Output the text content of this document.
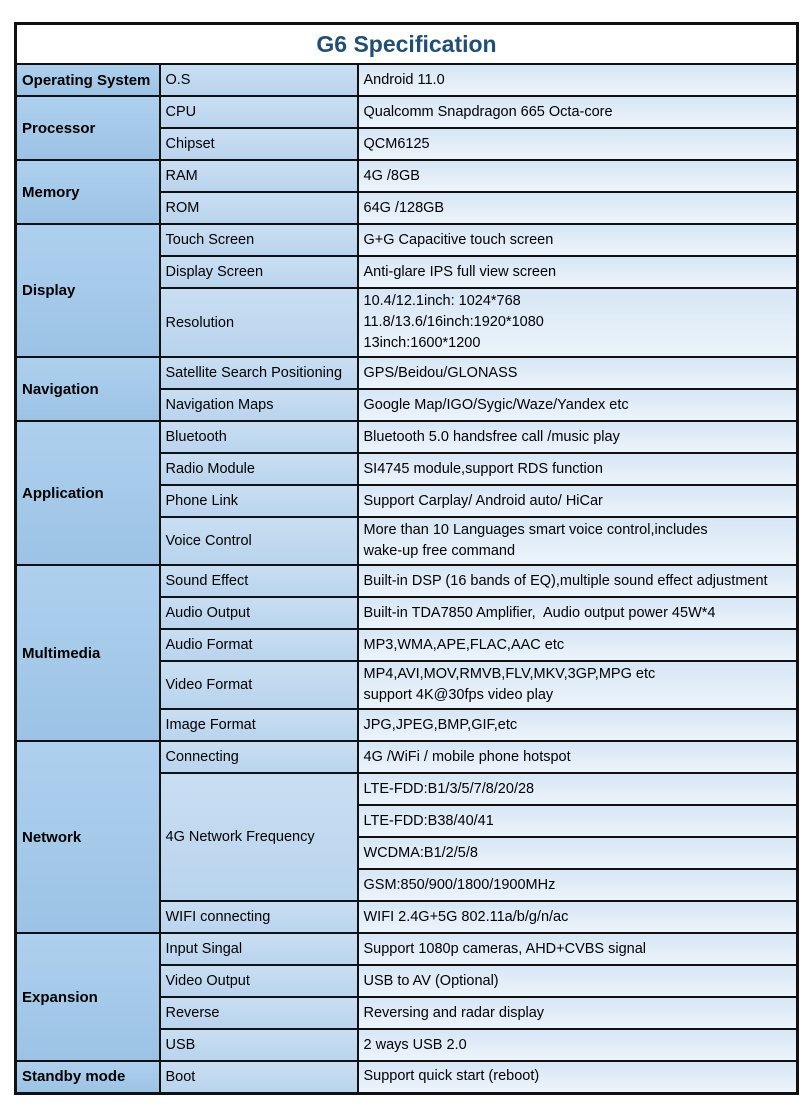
G6 Specification		
Operating System	O.S	Android 11.0

Processor	CPU	Qualcomm Snapdragon 665 Octa-core

	Chipset	QCM6125

Memory	RAM	4G /8GB

	ROM	64G /128GB

Display	Touch Screen	G+G Capacitive touch screen

	Display Screen	Anti-glare IPS full view screen

	Resolution	10.4/12.1inch: 1024*768
11.8/13.6/16inch:1920*1080
13inch:1600*1200

Navigation	Satellite Search Positioning	GPS/Beidou/GLONASS

	Navigation Maps	Google Map/IGO/Sygic/Waze/Yandex etc

Application	Bluetooth	Bluetooth 5.0 handsfree call /music play

	Radio Module	SI4745 module,support RDS function

	Phone Link	Support Carplay/ Android auto/ HiCar

	Voice Control	More than 10 Languages smart voice control,includes
wake-up free command

Multimedia	Sound Effect	Built-in DSP (16 bands of EQ),multiple sound effect adjustment

	Audio Output	Built-in TDA7850 Amplifier,  Audio output power 45W*4

	Audio Format	MP3,WMA,APE,FLAC,AAC etc

	Video Format	MP4,AVI,MOV,RMVB,FLV,MKV,3GP,MPG etc
support 4K@30fps video play

	Image Format	JPG,JPEG,BMP,GIF,etc

Network	Connecting	4G /WiFi / mobile phone hotspot

	4G Network Frequency	LTE-FDD:B1/3/5/7/8/20/28

		LTE-FDD:B38/40/41

		WCDMA:B1/2/5/8

		GSM:850/900/1800/1900MHz

	WIFI connecting	WIFI 2.4G+5G 802.11a/b/g/n/ac

Expansion	Input Singal	Support 1080p cameras, AHD+CVBS signal

	Video Output	USB to AV (Optional)

	Reverse	Reversing and radar display

	USB	2 ways USB 2.0

Standby mode	Boot	Support quick start (reboot)
